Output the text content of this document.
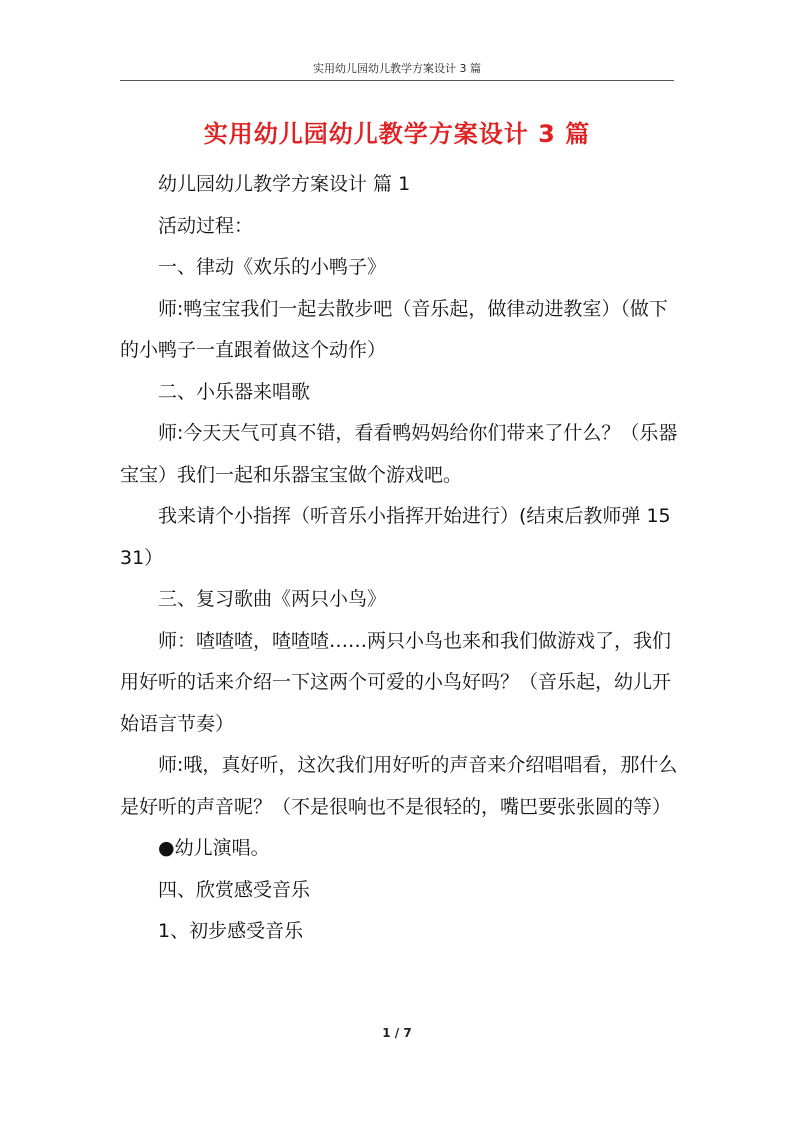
实用幼儿园幼儿教学方案设计 3 篇
实用幼儿园幼儿教学方案设计 3 篇

幼儿园幼儿教学方案设计 篇 1

活动过程：

一、律动《欢乐的小鸭子》

师:鸭宝宝我们一起去散步吧（音乐起，做律动进教室）（做下的小鸭子一直跟着做这个动作）

二、小乐器来唱歌

师:今天天气可真不错，看看鸭妈妈给你们带来了什么？（乐器宝宝）我们一起和乐器宝宝做个游戏吧。

我来请个小指挥（听音乐小指挥开始进行）(结束后教师弹 1531）

三、复习歌曲《两只小鸟》

师：喳喳喳，喳喳喳……两只小鸟也来和我们做游戏了，我们用好听的话来介绍一下这两个可爱的小鸟好吗？（音乐起，幼儿开始语言节奏）

师:哦，真好听，这次我们用好听的声音来介绍唱唱看，那什么是好听的声音呢？（不是很响也不是很轻的，嘴巴要张张圆的等）

●幼儿演唱。

四、欣赏感受音乐

1、初步感受音乐

1 / 7
